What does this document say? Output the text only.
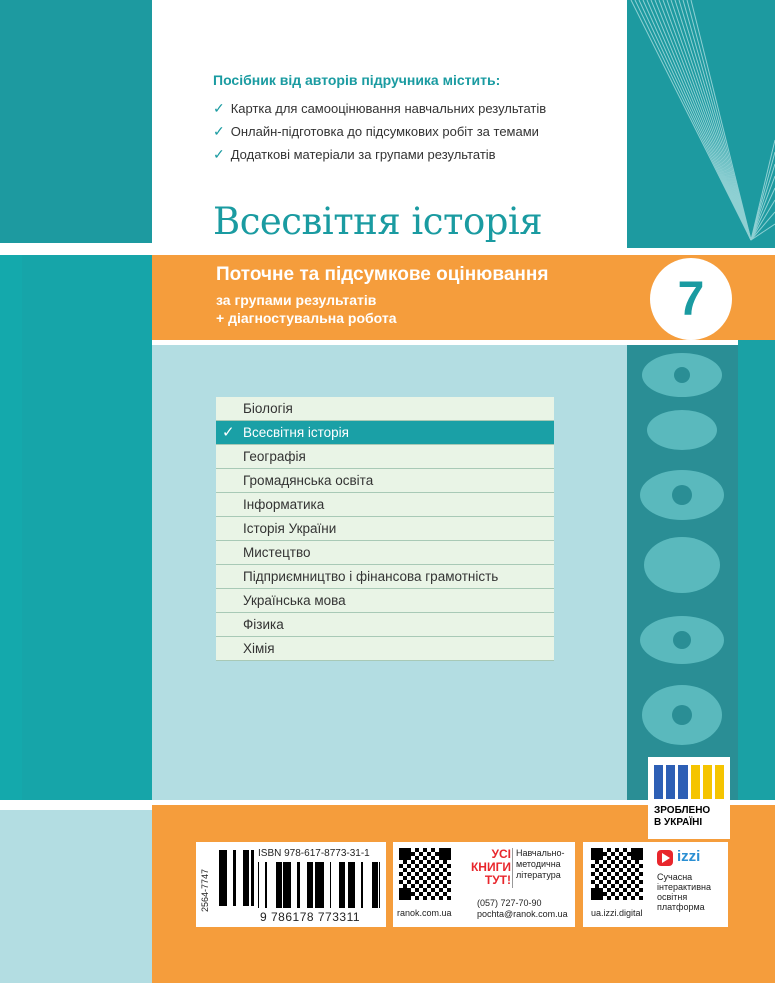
Посібник від авторів підручника містить:
✓ Картка для самооцінювання навчальних результатів
✓ Онлайн-підготовка до підсумкових робіт за темами
✓ Додаткові матеріали за групами результатів
Всесвітня історія
Поточне та підсумкове оцінювання
за групами результатів
+ діагностувальна робота	7
Біологія
✓ Всесвітня історія
Географія
Громадянська освіта
Інформатика
Історія України
Мистецтво
Підприємництво і фінансова грамотність
Українська мова
Фізика
Хімія
ЗРОБЛЕНО
В УКРАЇНІ
2564-7747
ISBN 978-617-8773-31-1
9 786178 773311
УСІ КНИГИ ТУТ!
Навчально-
методична
література
ranok.com.ua
(057) 727-70-90
pochta@ranok.com.ua
izzi
Сучасна
інтерактивна
освітня
платформа
ua.izzi.digital
